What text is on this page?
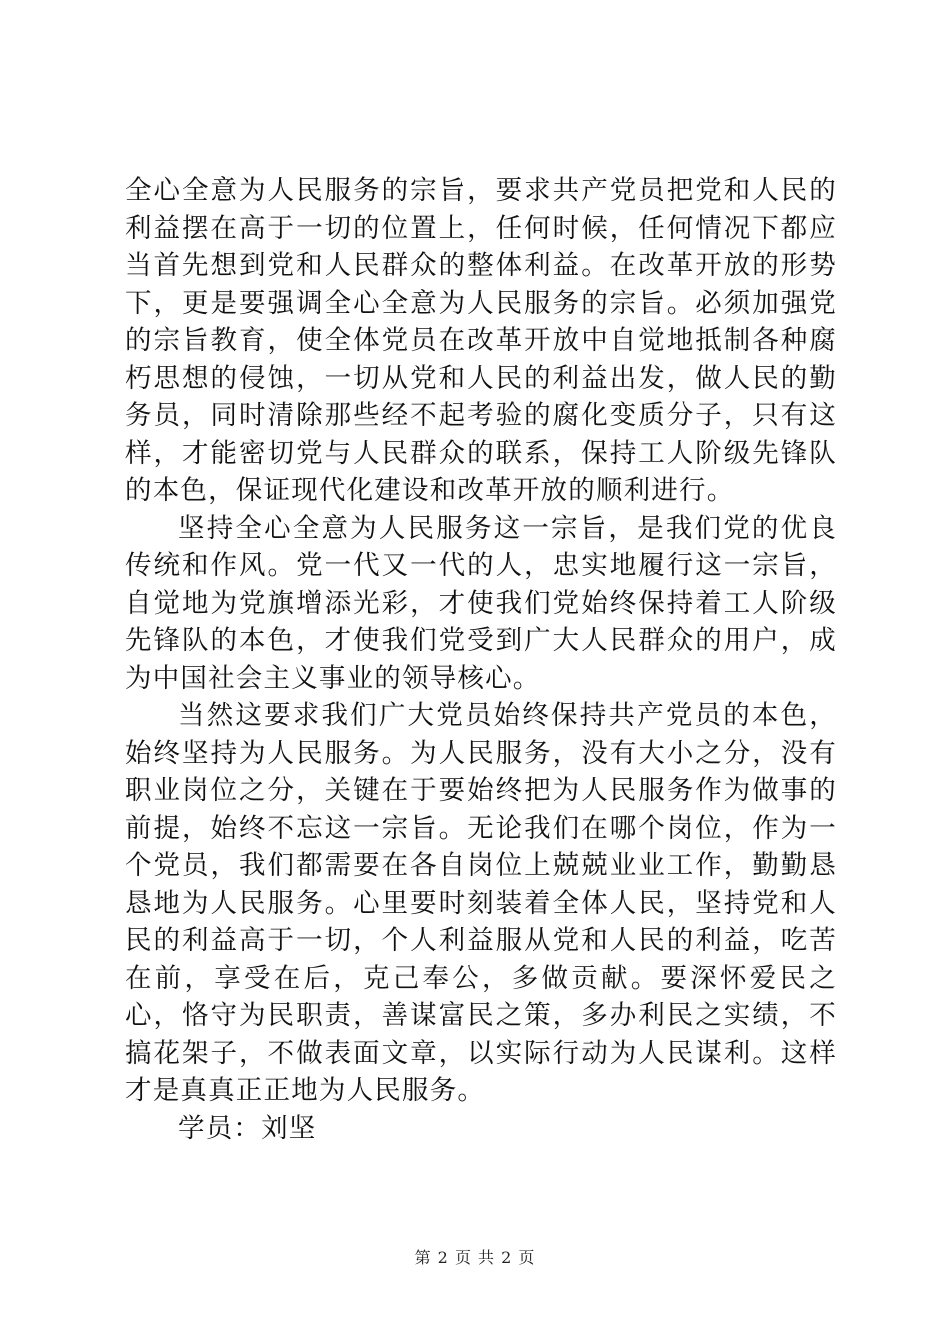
全心全意为人民服务的宗旨，要求共产党员把党和人民的利益摆在高于一切的位置上，任何时候，任何情况下都应当首先想到党和人民群众的整体利益。在改革开放的形势下，更是要强调全心全意为人民服务的宗旨。必须加强党的宗旨教育，使全体党员在改革开放中自觉地抵制各种腐朽思想的侵蚀，一切从党和人民的利益出发，做人民的勤务员，同时清除那些经不起考验的腐化变质分子，只有这样，才能密切党与人民群众的联系，保持工人阶级先锋队的本色，保证现代化建设和改革开放的顺利进行。

坚持全心全意为人民服务这一宗旨，是我们党的优良传统和作风。党一代又一代的人，忠实地履行这一宗旨，自觉地为党旗增添光彩，才使我们党始终保持着工人阶级先锋队的本色，才使我们党受到广大人民群众的用户，成为中国社会主义事业的领导核心。

当然这要求我们广大党员始终保持共产党员的本色，始终坚持为人民服务。为人民服务，没有大小之分，没有职业岗位之分，关键在于要始终把为人民服务作为做事的前提，始终不忘这一宗旨。无论我们在哪个岗位，作为一个党员，我们都需要在各自岗位上兢兢业业工作，勤勤恳恳地为人民服务。心里要时刻装着全体人民，坚持党和人民的利益高于一切，个人利益服从党和人民的利益，吃苦在前，享受在后，克己奉公，多做贡献。要深怀爱民之心，恪守为民职责，善谋富民之策，多办利民之实绩，不搞花架子，不做表面文章，以实际行动为人民谋利。这样才是真真正正地为人民服务。

学员：刘坚

第 2 页 共 2 页
